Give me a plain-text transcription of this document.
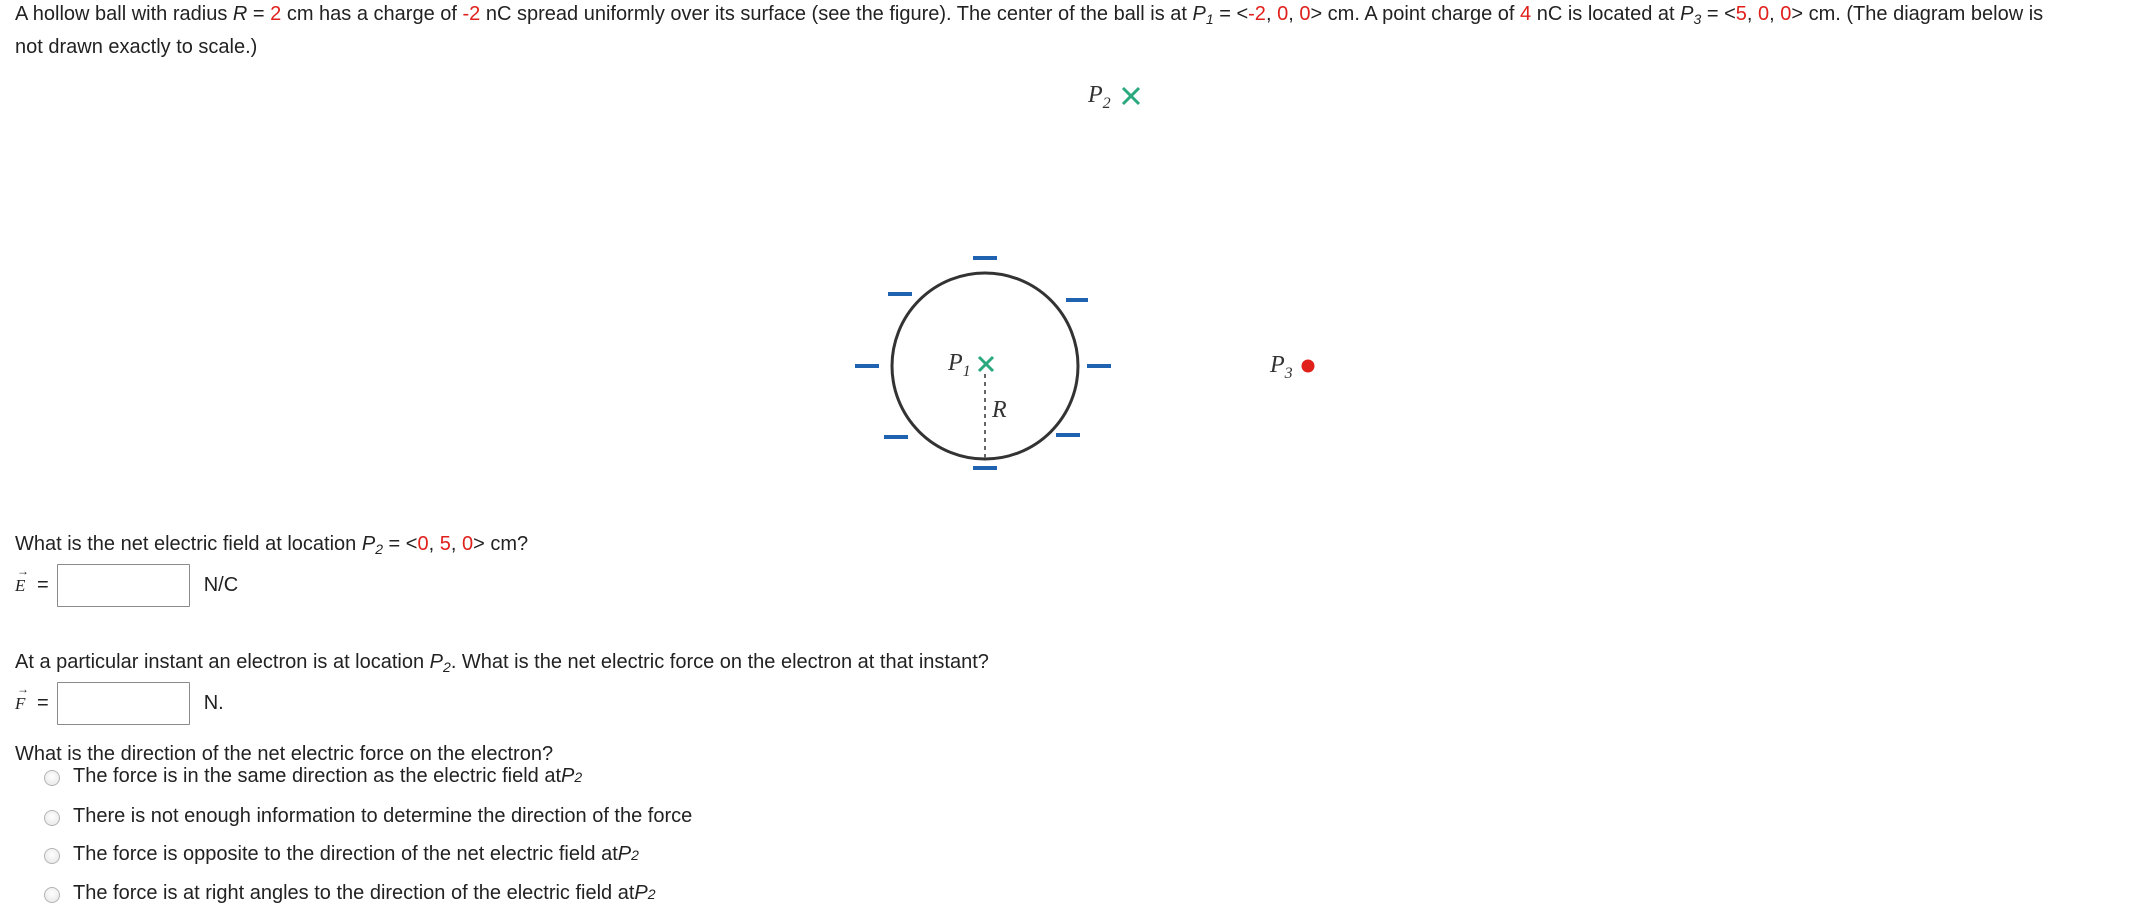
A hollow ball with radius R = 2 cm has a charge of -2 nC spread uniformly over its surface (see the figure). The center of the ball is at $P_1 = <-2$, 0, 0> cm. A point charge of 4 nC is located at $P_3 = <5$, 0, 0> cm. (The diagram below is
not drawn exactly to scale.)
$P_2$
$P_1$
R
$P_3$
What is the net electric field at location $P_2 = <0$, 5, 0> cm?
→
E =	N/C
At a particular instant an electron is at location $P_2$. What is the net electric force on the electron at that instant?
→
F =	N.
What is the direction of the net electric force on the electron?
The force is in the same direction as the electric field at P 2
There is not enough information to determine the direction of the force
The force is opposite to the direction of the net electric field at P 2
The force is at right angles to the direction of the electric field at P 2
